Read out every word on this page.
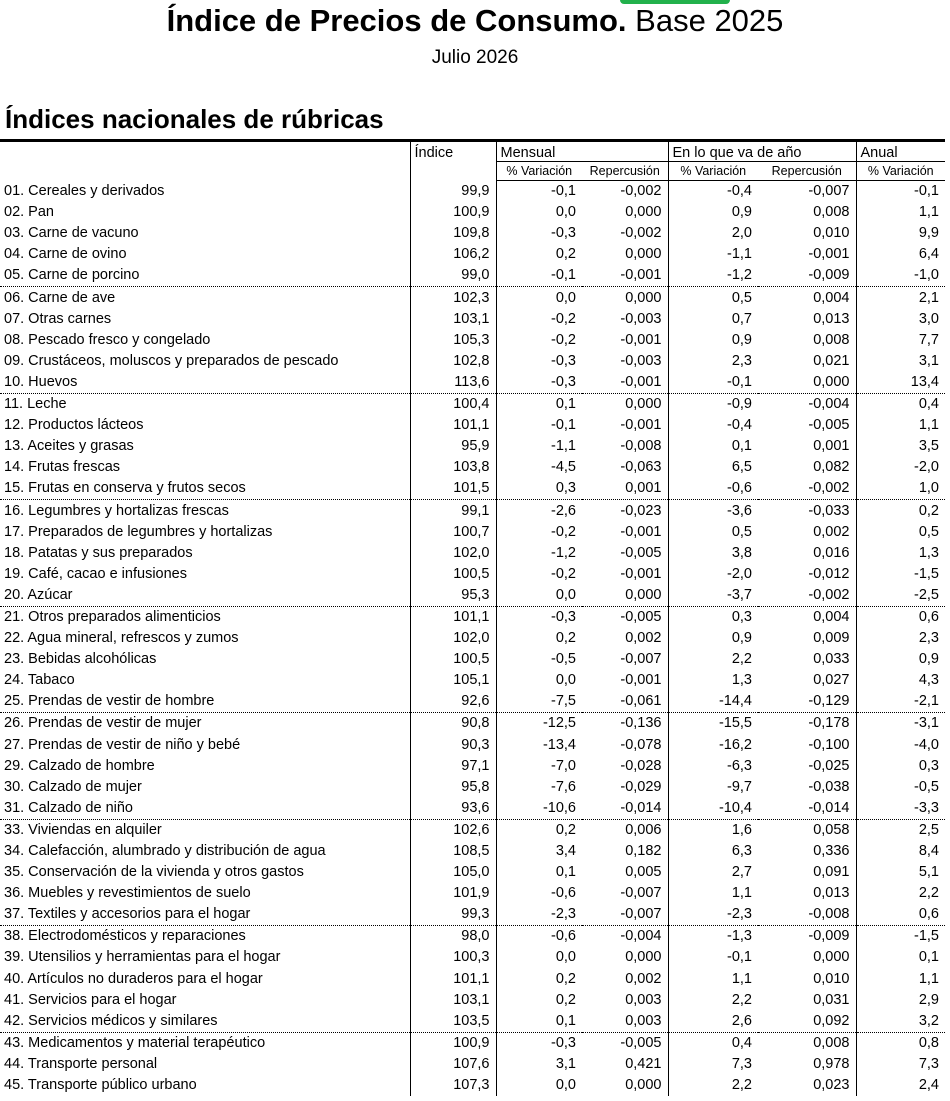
Índice de Precios de Consumo. Base 2025
Julio 2026
Índices nacionales de rúbricas
	Índice	Mensual		En lo que va de año		Anual
		% Variación	Repercusión	% Variación	Repercusión	% Variación
01. Cereales y derivados	99,9	-0,1	-0,002	-0,4	-0,007	-0,1
02. Pan	100,9	0,0	0,000	0,9	0,008	1,1
03. Carne de vacuno	109,8	-0,3	-0,002	2,0	0,010	9,9
04. Carne de ovino	106,2	0,2	0,000	-1,1	-0,001	6,4
05. Carne de porcino	99,0	-0,1	-0,001	-1,2	-0,009	-1,0
06. Carne de ave	102,3	0,0	0,000	0,5	0,004	2,1
07. Otras carnes	103,1	-0,2	-0,003	0,7	0,013	3,0
08. Pescado fresco y congelado	105,3	-0,2	-0,001	0,9	0,008	7,7
09. Crustáceos, moluscos y preparados de pescado	102,8	-0,3	-0,003	2,3	0,021	3,1
10. Huevos	113,6	-0,3	-0,001	-0,1	0,000	13,4
11. Leche	100,4	0,1	0,000	-0,9	-0,004	0,4
12. Productos lácteos	101,1	-0,1	-0,001	-0,4	-0,005	1,1
13. Aceites y grasas	95,9	-1,1	-0,008	0,1	0,001	3,5
14. Frutas frescas	103,8	-4,5	-0,063	6,5	0,082	-2,0
15. Frutas en conserva y frutos secos	101,5	0,3	0,001	-0,6	-0,002	1,0
16. Legumbres y hortalizas frescas	99,1	-2,6	-0,023	-3,6	-0,033	0,2
17. Preparados de legumbres y hortalizas	100,7	-0,2	-0,001	0,5	0,002	0,5
18. Patatas y sus preparados	102,0	-1,2	-0,005	3,8	0,016	1,3
19. Café, cacao e infusiones	100,5	-0,2	-0,001	-2,0	-0,012	-1,5
20. Azúcar	95,3	0,0	0,000	-3,7	-0,002	-2,5
21. Otros preparados alimenticios	101,1	-0,3	-0,005	0,3	0,004	0,6
22. Agua mineral, refrescos y zumos	102,0	0,2	0,002	0,9	0,009	2,3
23. Bebidas alcohólicas	100,5	-0,5	-0,007	2,2	0,033	0,9
24. Tabaco	105,1	0,0	-0,001	1,3	0,027	4,3
25. Prendas de vestir de hombre	92,6	-7,5	-0,061	-14,4	-0,129	-2,1
26. Prendas de vestir de mujer	90,8	-12,5	-0,136	-15,5	-0,178	-3,1
27. Prendas de vestir de niño y bebé	90,3	-13,4	-0,078	-16,2	-0,100	-4,0
29. Calzado de hombre	97,1	-7,0	-0,028	-6,3	-0,025	0,3
30. Calzado de mujer	95,8	-7,6	-0,029	-9,7	-0,038	-0,5
31. Calzado de niño	93,6	-10,6	-0,014	-10,4	-0,014	-3,3
33. Viviendas en alquiler	102,6	0,2	0,006	1,6	0,058	2,5
34. Calefacción, alumbrado y distribución de agua	108,5	3,4	0,182	6,3	0,336	8,4
35. Conservación de la vivienda y otros gastos	105,0	0,1	0,005	2,7	0,091	5,1
36. Muebles y revestimientos de suelo	101,9	-0,6	-0,007	1,1	0,013	2,2
37. Textiles y accesorios para el hogar	99,3	-2,3	-0,007	-2,3	-0,008	0,6
38. Electrodomésticos y reparaciones	98,0	-0,6	-0,004	-1,3	-0,009	-1,5
39. Utensilios y herramientas para el hogar	100,3	0,0	0,000	-0,1	0,000	0,1
40. Artículos no duraderos para el hogar	101,1	0,2	0,002	1,1	0,010	1,1
41. Servicios para el hogar	103,1	0,2	0,003	2,2	0,031	2,9
42. Servicios médicos y similares	103,5	0,1	0,003	2,6	0,092	3,2
43. Medicamentos y material terapéutico	100,9	-0,3	-0,005	0,4	0,008	0,8
44. Transporte personal	107,6	3,1	0,421	7,3	0,978	7,3
45. Transporte público urbano	107,3	0,0	0,000	2,2	0,023	2,4
